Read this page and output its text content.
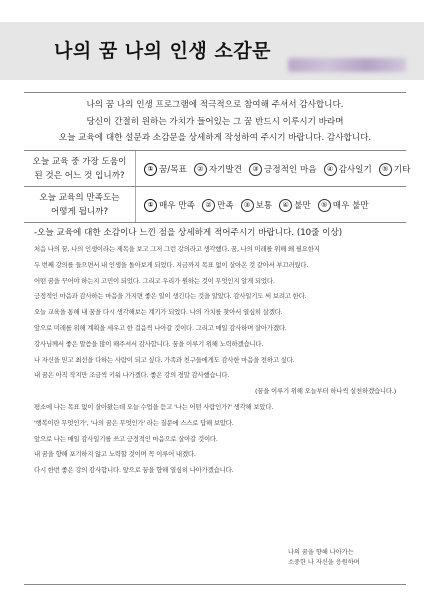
나의 꿈 나의 인생 소감문
나의 꿈 나의 인생 프로그램에 적극적으로 참여해 주셔서 감사합니다.
당신이 간절히 원하는 가치가 들어있는 그 꿈 반드시 이루시기 바라며
오늘 교육에 대한 설문과 소감문을 상세하게 작성하여 주시기 바랍니다. 감사합니다.
오늘 교육 중 가장 도움이
된 것은 어느 것 입니까?
① 꿈/목표	② 자기발견	③ 긍정적인 마음	④ 감사일기	⑤ 기타
오늘 교육의 만족도는
어떻게 됩니까?
① 매우 만족	② 만족	③ 보통	④ 불만	⑤ 매우 불만
-오늘 교육에 대한 소감이나 느낀 점을 상세하게 적어주시기 바랍니다. (10줄 이상)
처음 나의 꿈, 나의 인생이라는 제목을 보고 그저 그런 강의라고 생각했다. 꿈, 나의 미래를 위해 왜 필요한지
두 번째 강의를 들으면서 내 인생을 돌아보게 되었다. 지금까지 목표 없이 살아온 것 같아서 부끄러웠다.
어떤 꿈을 꾸어야 하는지 고민이 되었다. 그리고 우리가 원하는 것이 무엇인지 알게 되었다.
긍정적인 마음과 감사하는 마음을 가지면 좋은 일이 생긴다는 것을 알았다. 감사일기도 써 보려고 한다.
오늘 교육을 통해 내 꿈을 다시 생각해보는 계기가 되었다. 나의 가치를 찾아서 열심히 살겠다.
앞으로 미래를 위해 계획을 세우고 한 걸음씩 나아갈 것이다. 그리고 매일 감사하며 살아가겠다.
강사님께서 좋은 말씀을 많이 해주셔서 감사합니다. 꿈을 이루기 위해 노력하겠습니다.
나 자신을 믿고 최선을 다하는 사람이 되고 싶다. 가족과 친구들에게도 감사한 마음을 전하고 싶다.
내 꿈은 아직 작지만 조금씩 키워 나가겠다. 좋은 강의 정말 감사했습니다.
(꿈을 이루기 위해 오늘부터 하나씩 실천하겠습니다.)
평소에 나는 목표 없이 살아왔는데 오늘 수업을 듣고 '나는 어떤 사람인가?' 생각해 보았다.
'행복이란 무엇인가', '나의 꿈은 무엇인가' 라는 질문에 스스로 답해 보았다.
앞으로 나는 매일 감사일기를 쓰고 긍정적인 마음으로 살아갈 것이다.
내 꿈을 향해 포기하지 않고 노력할 것이며 꼭 이루어 내겠다.
다시 한번 좋은 강의 감사합니다. 앞으로 꿈을 향해 열심히 나아가겠습니다.
나의 꿈을 향해 나아가는
소중한 나 자신을 응원하며
